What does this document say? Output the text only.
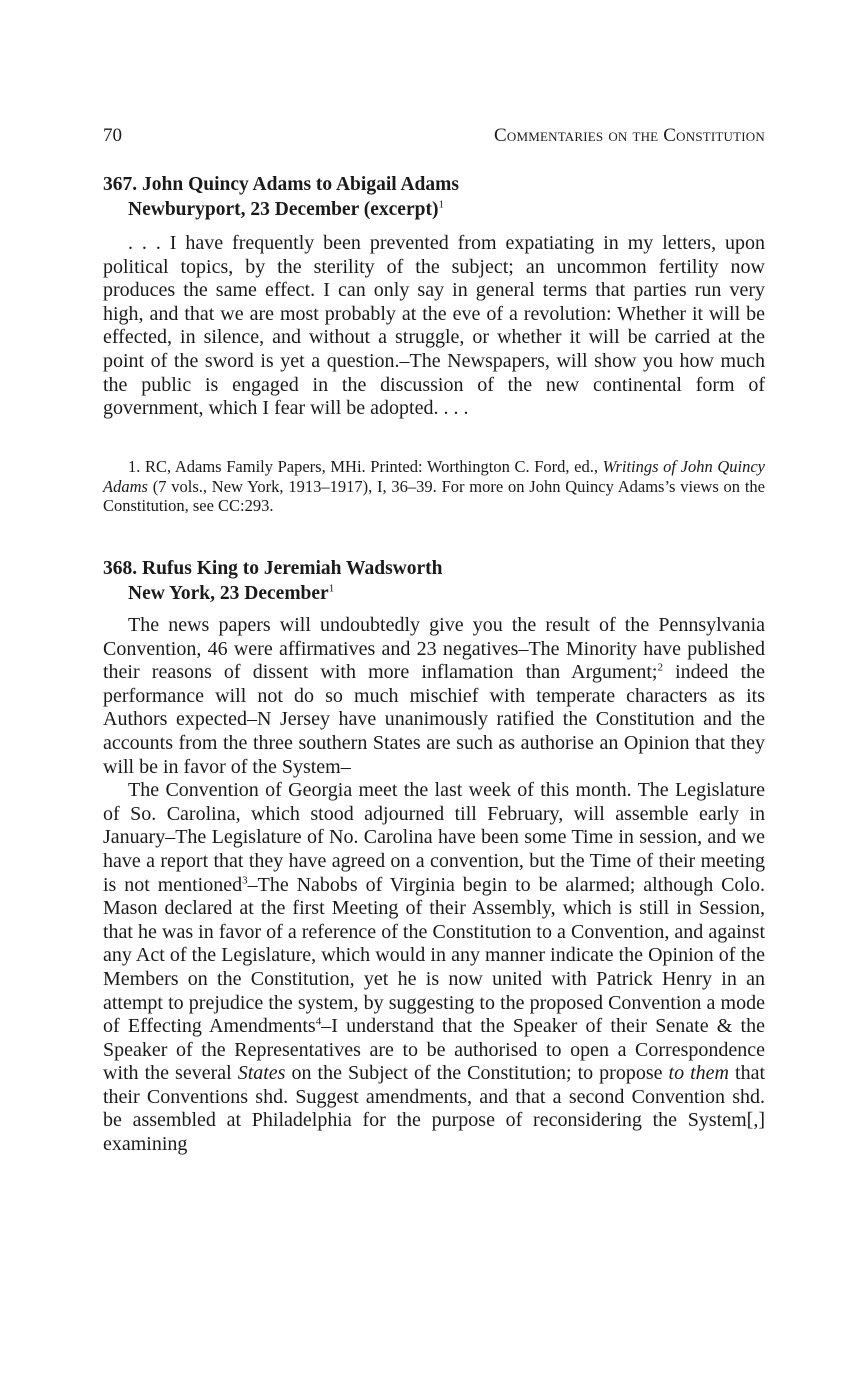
70	Commentaries on the Constitution
367. John Quincy Adams to Abigail Adams
Newburyport, 23 December (excerpt)$^1$

. . . I have frequently been prevented from expatiating in my letters, upon political topics, by the sterility of the subject; an uncommon fertility now produces the same effect. I can only say in general terms that parties run very high, and that we are most probably at the eve of a revolution: Whether it will be effected, in silence, and without a struggle, or whether it will be carried at the point of the sword is yet a question.–The Newspapers, will show you how much the public is engaged in the discussion of the new continental form of government, which I fear will be adopted. . . .

1. RC, Adams Family Papers, MHi. Printed: Worthington C. Ford, ed., Writings of John Quincy Adams (7 vols., New York, 1913–1917), I, 36–39. For more on John Quincy Adams’s views on the Constitution, see CC:293.

368. Rufus King to Jeremiah Wadsworth
New York, 23 December$^1$

The news papers will undoubtedly give you the result of the Pennsylvania Convention, 46 were affirmatives and 23 negatives–The Minority have published their reasons of dissent with more inflamation than Argument;$^2$ indeed the performance will not do so much mischief with temperate characters as its Authors expected–N Jersey have unanimously ratified the Constitution and the accounts from the three southern States are such as authorise an Opinion that they will be in favor of the System–

The Convention of Georgia meet the last week of this month. The Legislature of So. Carolina, which stood adjourned till February, will assemble early in January–The Legislature of No. Carolina have been some Time in session, and we have a report that they have agreed on a convention, but the Time of their meeting is not mentioned$^3$–The Nabobs of Virginia begin to be alarmed; although Colo. Mason declared at the first Meeting of their Assembly, which is still in Session, that he was in favor of a reference of the Constitution to a Convention, and against any Act of the Legislature, which would in any manner indicate the Opinion of the Members on the Constitution, yet he is now united with Patrick Henry in an attempt to prejudice the system, by suggesting to the proposed Convention a mode of Effecting Amendments$^4$–I understand that the Speaker of their Senate & the Speaker of the Representatives are to be authorised to open a Correspondence with the several States on the Subject of the Constitution; to propose to them that their Conventions shd. Suggest amendments, and that a second Convention shd. be assembled at Philadelphia for the purpose of reconsidering the System[,] examining
